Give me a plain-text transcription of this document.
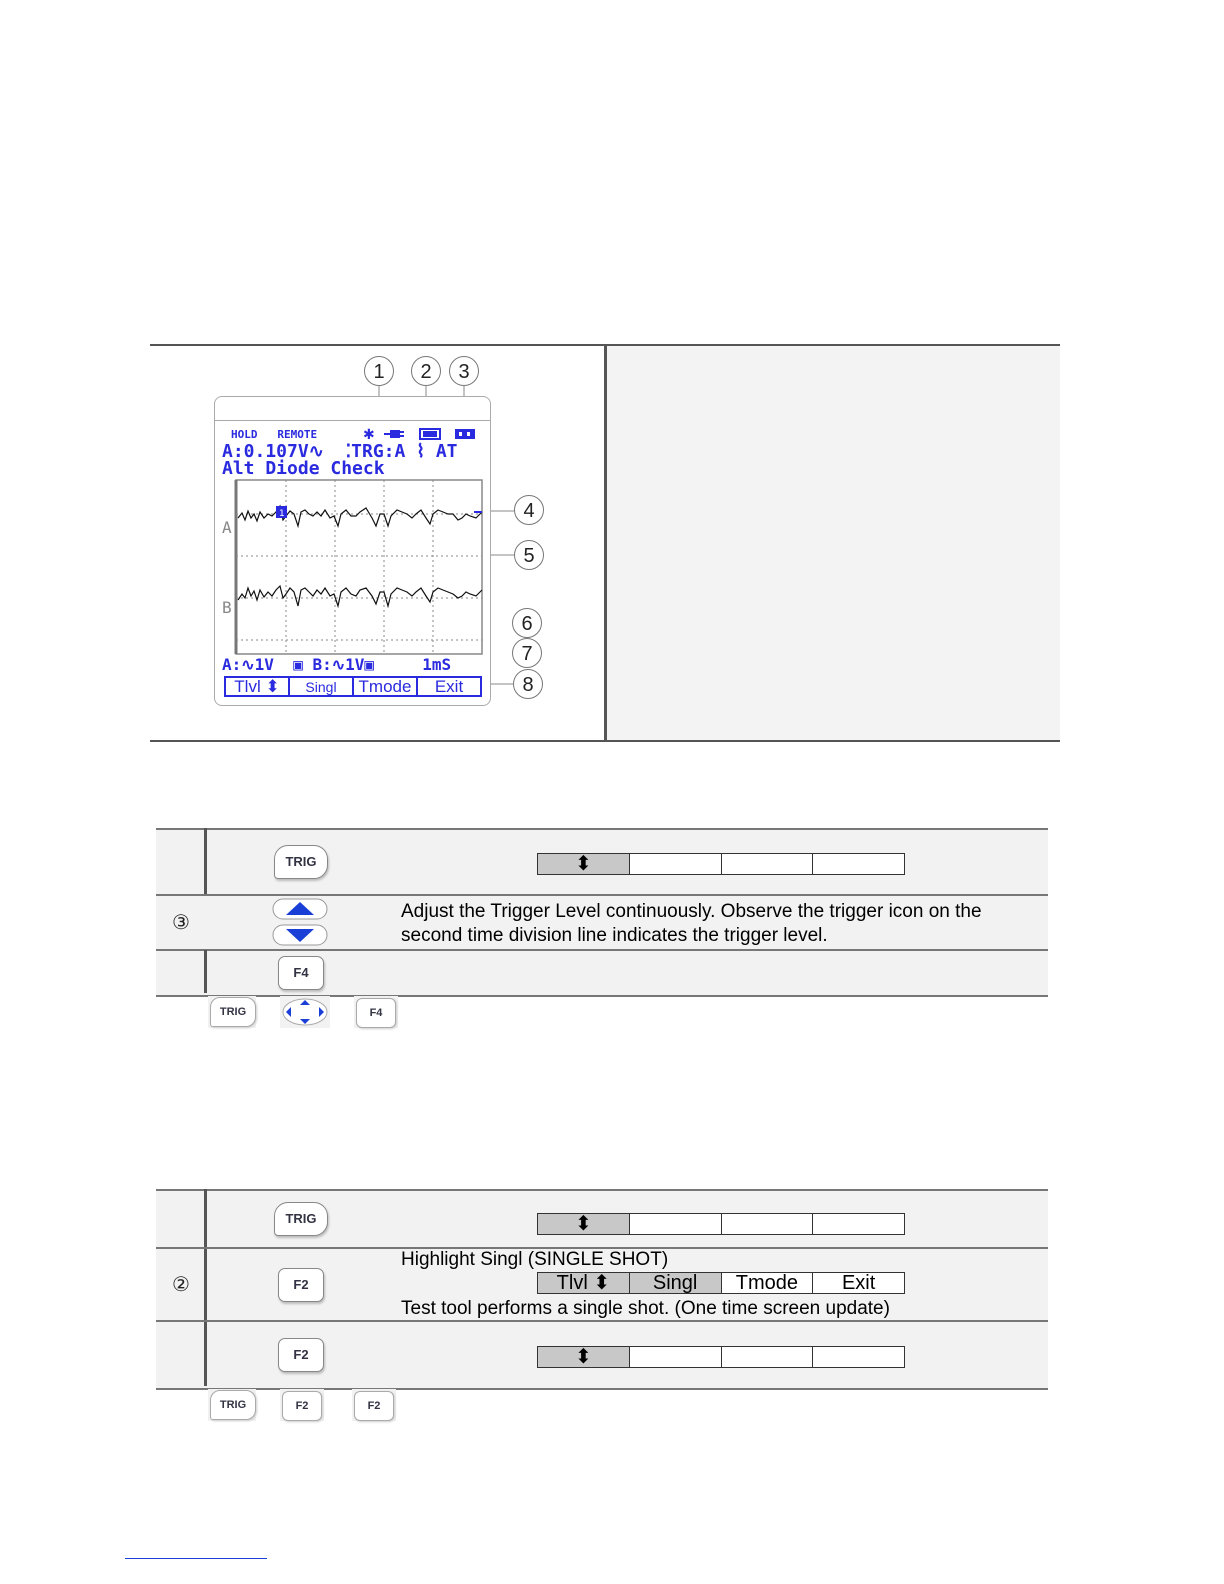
1	2	3
4
5
6
7
8
HOLD   REMOTE	✱
A:0.107V∿  ⁚TRG:A ⌇ AT
Alt Diode Check
1
A
B
A:∿1V  ▣ B:∿1V▣     1mS
Tlvl ⬍	Singl	Tmode	Exit
TRIG	⬍
③
Adjust the Trigger Level continuously. Observe the trigger icon on the
second time division line indicates the trigger level.
F4
TRIG	F4
TRIG	⬍
②	F2
Highlight Singl (SINGLE SHOT)
Tlvl ⬍	Singl	Tmode	Exit
Test tool performs a single shot. (One time screen update)
F2	⬍
TRIG	F2	F2
